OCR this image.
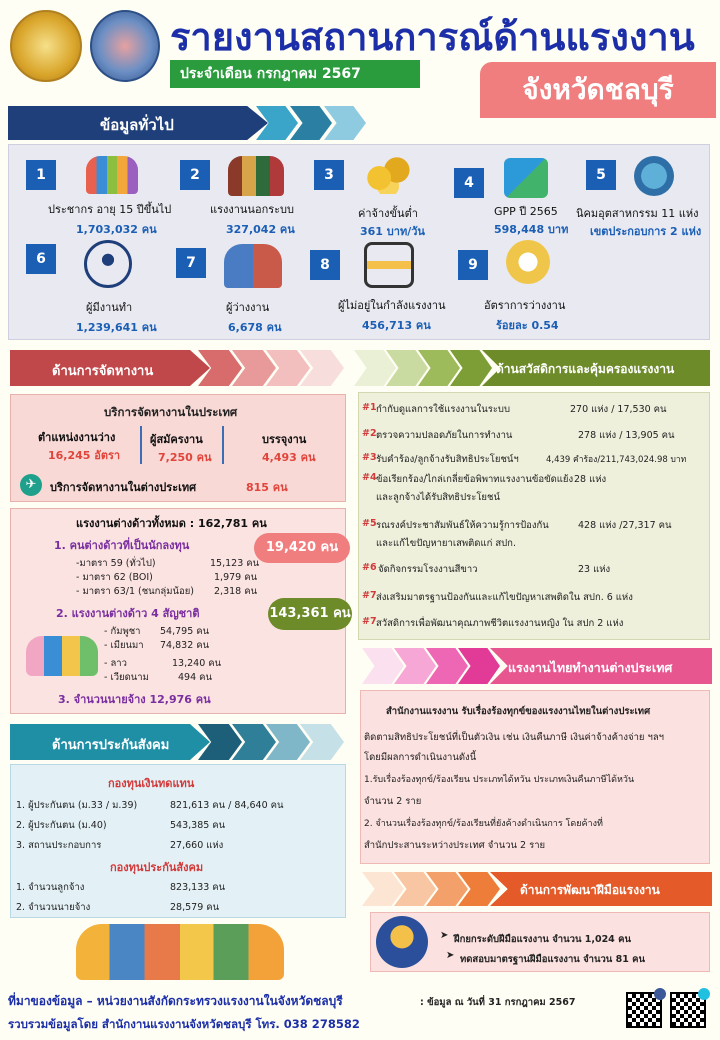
รายงานสถานการณ์ด้านแรงงาน
ประจำเดือน กรกฎาคม 2567	จังหวัดชลบุรี
ข้อมูลทั่วไป
1
ประชากร อายุ 15 ปีขึ้นไป
1,703,032 คน
2
แรงงานนอกระบบ
327,042 คน
3
ค่าจ้างขั้นต่ำ
361 บาท/วัน
4
GPP ปี 2565
598,448 บาท
5
นิคมอุตสาหกรรม 11 แห่ง
เขตประกอบการ 2 แห่ง
6
ผู้มีงานทำ
1,239,641 คน
7
ผู้ว่างงาน
6,678 คน
8
ผู้ไม่อยู่ในกำลังแรงงาน
456,713 คน
9
อัตราการว่างงาน
ร้อยละ 0.54
ด้านการจัดหางาน
บริการจัดหางานในประเทศ
ตำแหน่งงานว่าง
16,245 อัตรา
ผู้สมัครงาน
7,250 คน
บรรจุงาน
4,493 คน
✈	บริการจัดหางานในต่างประเทศ	815 คน
แรงงานต่างด้าวทั้งหมด : 162,781 คน
1. คนต่างด้าวที่เป็นนักลงทุน
-มาตรา 59 (ทั่วไป)	15,123 คน
- มาตรา 62 (BOI)	1,979 คน
- มาตรา 63/1 (ชนกลุ่มน้อย) 2,318 คน
19,420 คน
2. แรงงานต่างด้าว 4 สัญชาติ
- กัมพูชา 54,795 คน
- เมียนมา 74,832 คน
- ลาว	13,240 คน
- เวียดนาม	494 คน
143,361 คน
3. จำนวนนายจ้าง 12,976 คน
ด้านสวัสดิการและคุ้มครองแรงงาน
#1 กำกับดูแลการใช้แรงงานในระบบ	270 แห่ง / 17,530 คน
#2 ตรวจความปลอดภัยในการทำงาน	278 แห่ง / 13,905 คน
#3 รับคำร้อง/ลูกจ้างรับสิทธิประโยชน์ฯ	4,439 คำร้อง/211,743,024.98 บาท
#4 ข้อเรียกร้อง/ไกล่เกลี่ยข้อพิพาทแรงงานข้อขัดแย้ง
และลูกจ้างได้รับสิทธิประโยชน์
28 แห่ง
#5 รณรงค์ประชาสัมพันธ์ให้ความรู้การป้องกัน
และแก้ไขปัญหายาเสพติดแก่ สปก.
428 แห่ง /27,317 คน
#6 จัดกิจกรรมโรงงานสีขาว	23 แห่ง
#7 ส่งเสริมมาตรฐานป้องกันและแก้ไขปัญหาเสพติดใน สปก. 6 แห่ง
#7 สวัสดิการเพื่อพัฒนาคุณภาพชีวิตแรงงานหญิง ใน สปก 2 แห่ง
แรงงานไทยทำงานต่างประเทศ
สำนักงานแรงงาน รับเรื่องร้องทุกข์ของแรงงานไทยในต่างประเทศ
ติดตามสิทธิประโยชน์ที่เป็นตัวเงิน เช่น เงินคืนภาษี เงินค่าจ้างค้างจ่าย ฯลฯ
โดยมีผลการดำเนินงานดังนี้
1.รับเรื่องร้องทุกข์/ร้องเรียน ประเภทได้หวัน ประเภทเงินคืนภาษีได้หวัน
จำนวน 2 ราย
2. จำนวนเรื่องร้องทุกข์/ร้องเรียนที่ยังค้างดำเนินการ โดยค้างที่
สำนักประสานระหว่างประเทศ จำนวน 2 ราย
ด้านการประกันสังคม
กองทุนเงินทดแทน
1. ผู้ประกันตน (ม.33 / ม.39)	821,613 คน / 84,640 คน
2. ผู้ประกันตน (ม.40)	543,385 คน
3. สถานประกอบการ	27,660 แห่ง
กองทุนประกันสังคม
1. จำนวนลูกจ้าง	823,133 คน
2. จำนวนนายจ้าง	28,579 คน
ด้านการพัฒนาฝีมือแรงงาน
➤ ฝึกยกระดับฝีมือแรงงาน จำนวน 1,024 คน
➤ ทดสอบมาตรฐานฝีมือแรงงาน จำนวน 81 คน
ที่มาของข้อมูล – หน่วยงานสังกัดกระทรวงแรงงานในจังหวัดชลบุรี	: ข้อมูล ณ วันที่ 31 กรกฎาคม 2567
รวบรวมข้อมูลโดย สำนักงานแรงงานจังหวัดชลบุรี โทร. 038 278582
